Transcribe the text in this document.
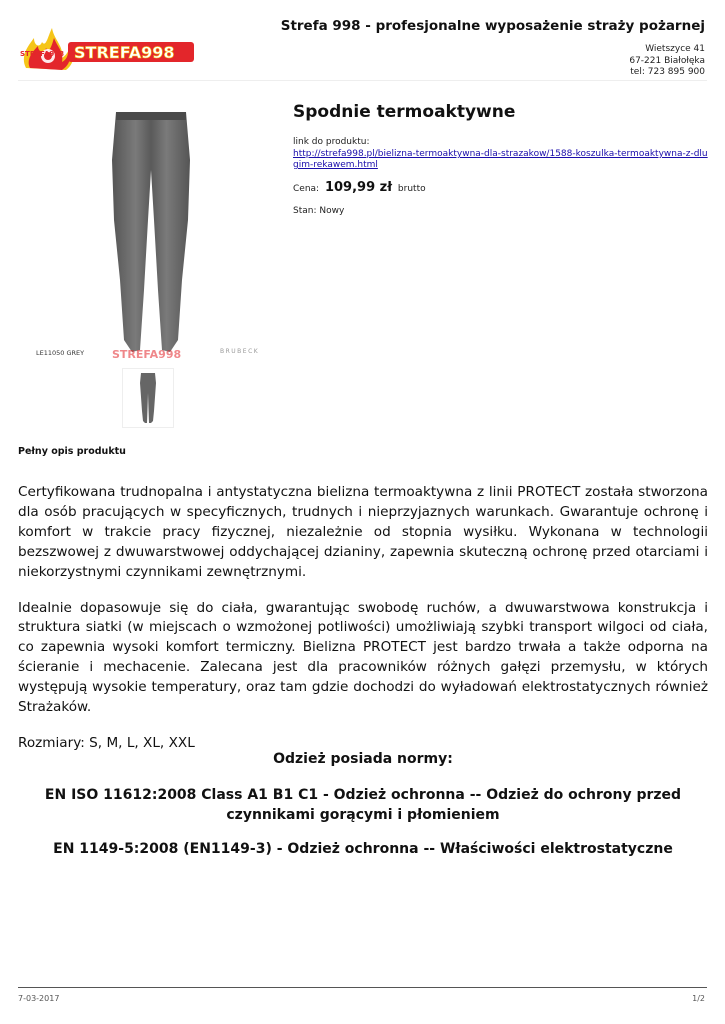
STREFA998 STREFA998
Strefa 998 - profesjonalne wyposażenie straży pożarnej
Wietszyce 41
67-221 Białołęka
tel: 723 895 900
LE11050 GREY	STREFA998	BRUBECK
Spodnie termoaktywne
link do produktu:
http://strefa998.pl/bielizna-termoaktywna-dla-strazakow/1588-koszulka-termoaktywna-z-dlugim-rekawem.html
Cena: 109,99 zł brutto
Stan: Nowy
Pełny opis produktu

Certyfikowana trudnopalna i antystatyczna bielizna termoaktywna z linii PROTECT została stworzona dla osób pracujących w specyficznych, trudnych i nieprzyjaznych warunkach. Gwarantuje ochronę i komfort w trakcie pracy fizycznej, niezależnie od stopnia wysiłku. Wykonana w technologii bezszwowej z dwuwarstwowej oddychającej dzianiny, zapewnia skuteczną ochronę przed otarciami i niekorzystnymi czynnikami zewnętrznymi.

Idealnie dopasowuje się do ciała, gwarantując swobodę ruchów, a dwuwarstwowa konstrukcja i struktura siatki (w miejscach o wzmożonej potliwości) umożliwiają szybki transport wilgoci od ciała, co zapewnia wysoki komfort termiczny. Bielizna PROTECT jest bardzo trwała a także odporna na ścieranie i mechacenie. Zalecana jest dla pracowników różnych gałęzi przemysłu, w których występują wysokie temperatury, oraz tam gdzie dochodzi do wyładowań elektrostatycznych również Strażaków.

Rozmiary: S, M, L, XL, XXL

Odzież posiada normy:
EN ISO 11612:2008 Class A1 B1 C1 - Odzież ochronna -- Odzież do ochrony przed czynnikami gorącymi i płomieniem
EN 1149-5:2008 (EN1149-3) - Odzież ochronna -- Właściwości elektrostatyczne
7-03-2017	1/2
